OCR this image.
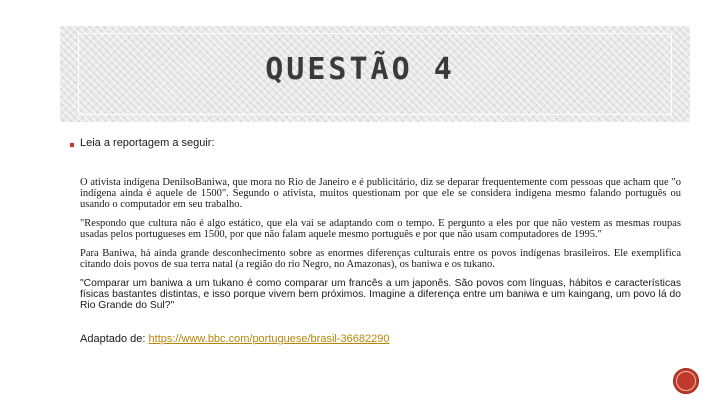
QUESTÃO 4
Leia a reportagem a seguir:

O ativista indígena DenilsoBaniwa, que mora no Rio de Janeiro e é publicitário, diz se deparar frequentemente com pessoas que acham que "o indígena ainda é aquele de 1500". Segundo o ativista, muitos questionam por que ele se considera indígena mesmo falando português ou usando o computador em seu trabalho.

"Respondo que cultura não é algo estático, que ela vai se adaptando com o tempo. E pergunto a eles por que não vestem as mesmas roupas usadas pelos portugueses em 1500, por que não falam aquele mesmo português e por que não usam computadores de 1995."

Para Baniwa, há ainda grande desconhecimento sobre as enormes diferenças culturais entre os povos indígenas brasileiros. Ele exemplifica citando dois povos de sua terra natal (a região do rio Negro, no Amazonas), os baniwa e os tukano.

"Comparar um baniwa a um tukano é como comparar um francês a um japonês. São povos com línguas, hábitos e características físicas bastantes distintas, e isso porque vivem bem próximos. Imagine a diferença entre um baniwa e um kaingang, um povo lá do Rio Grande do Sul?"

Adaptado de: https://www.bbc.com/portuguese/brasil-36682290
